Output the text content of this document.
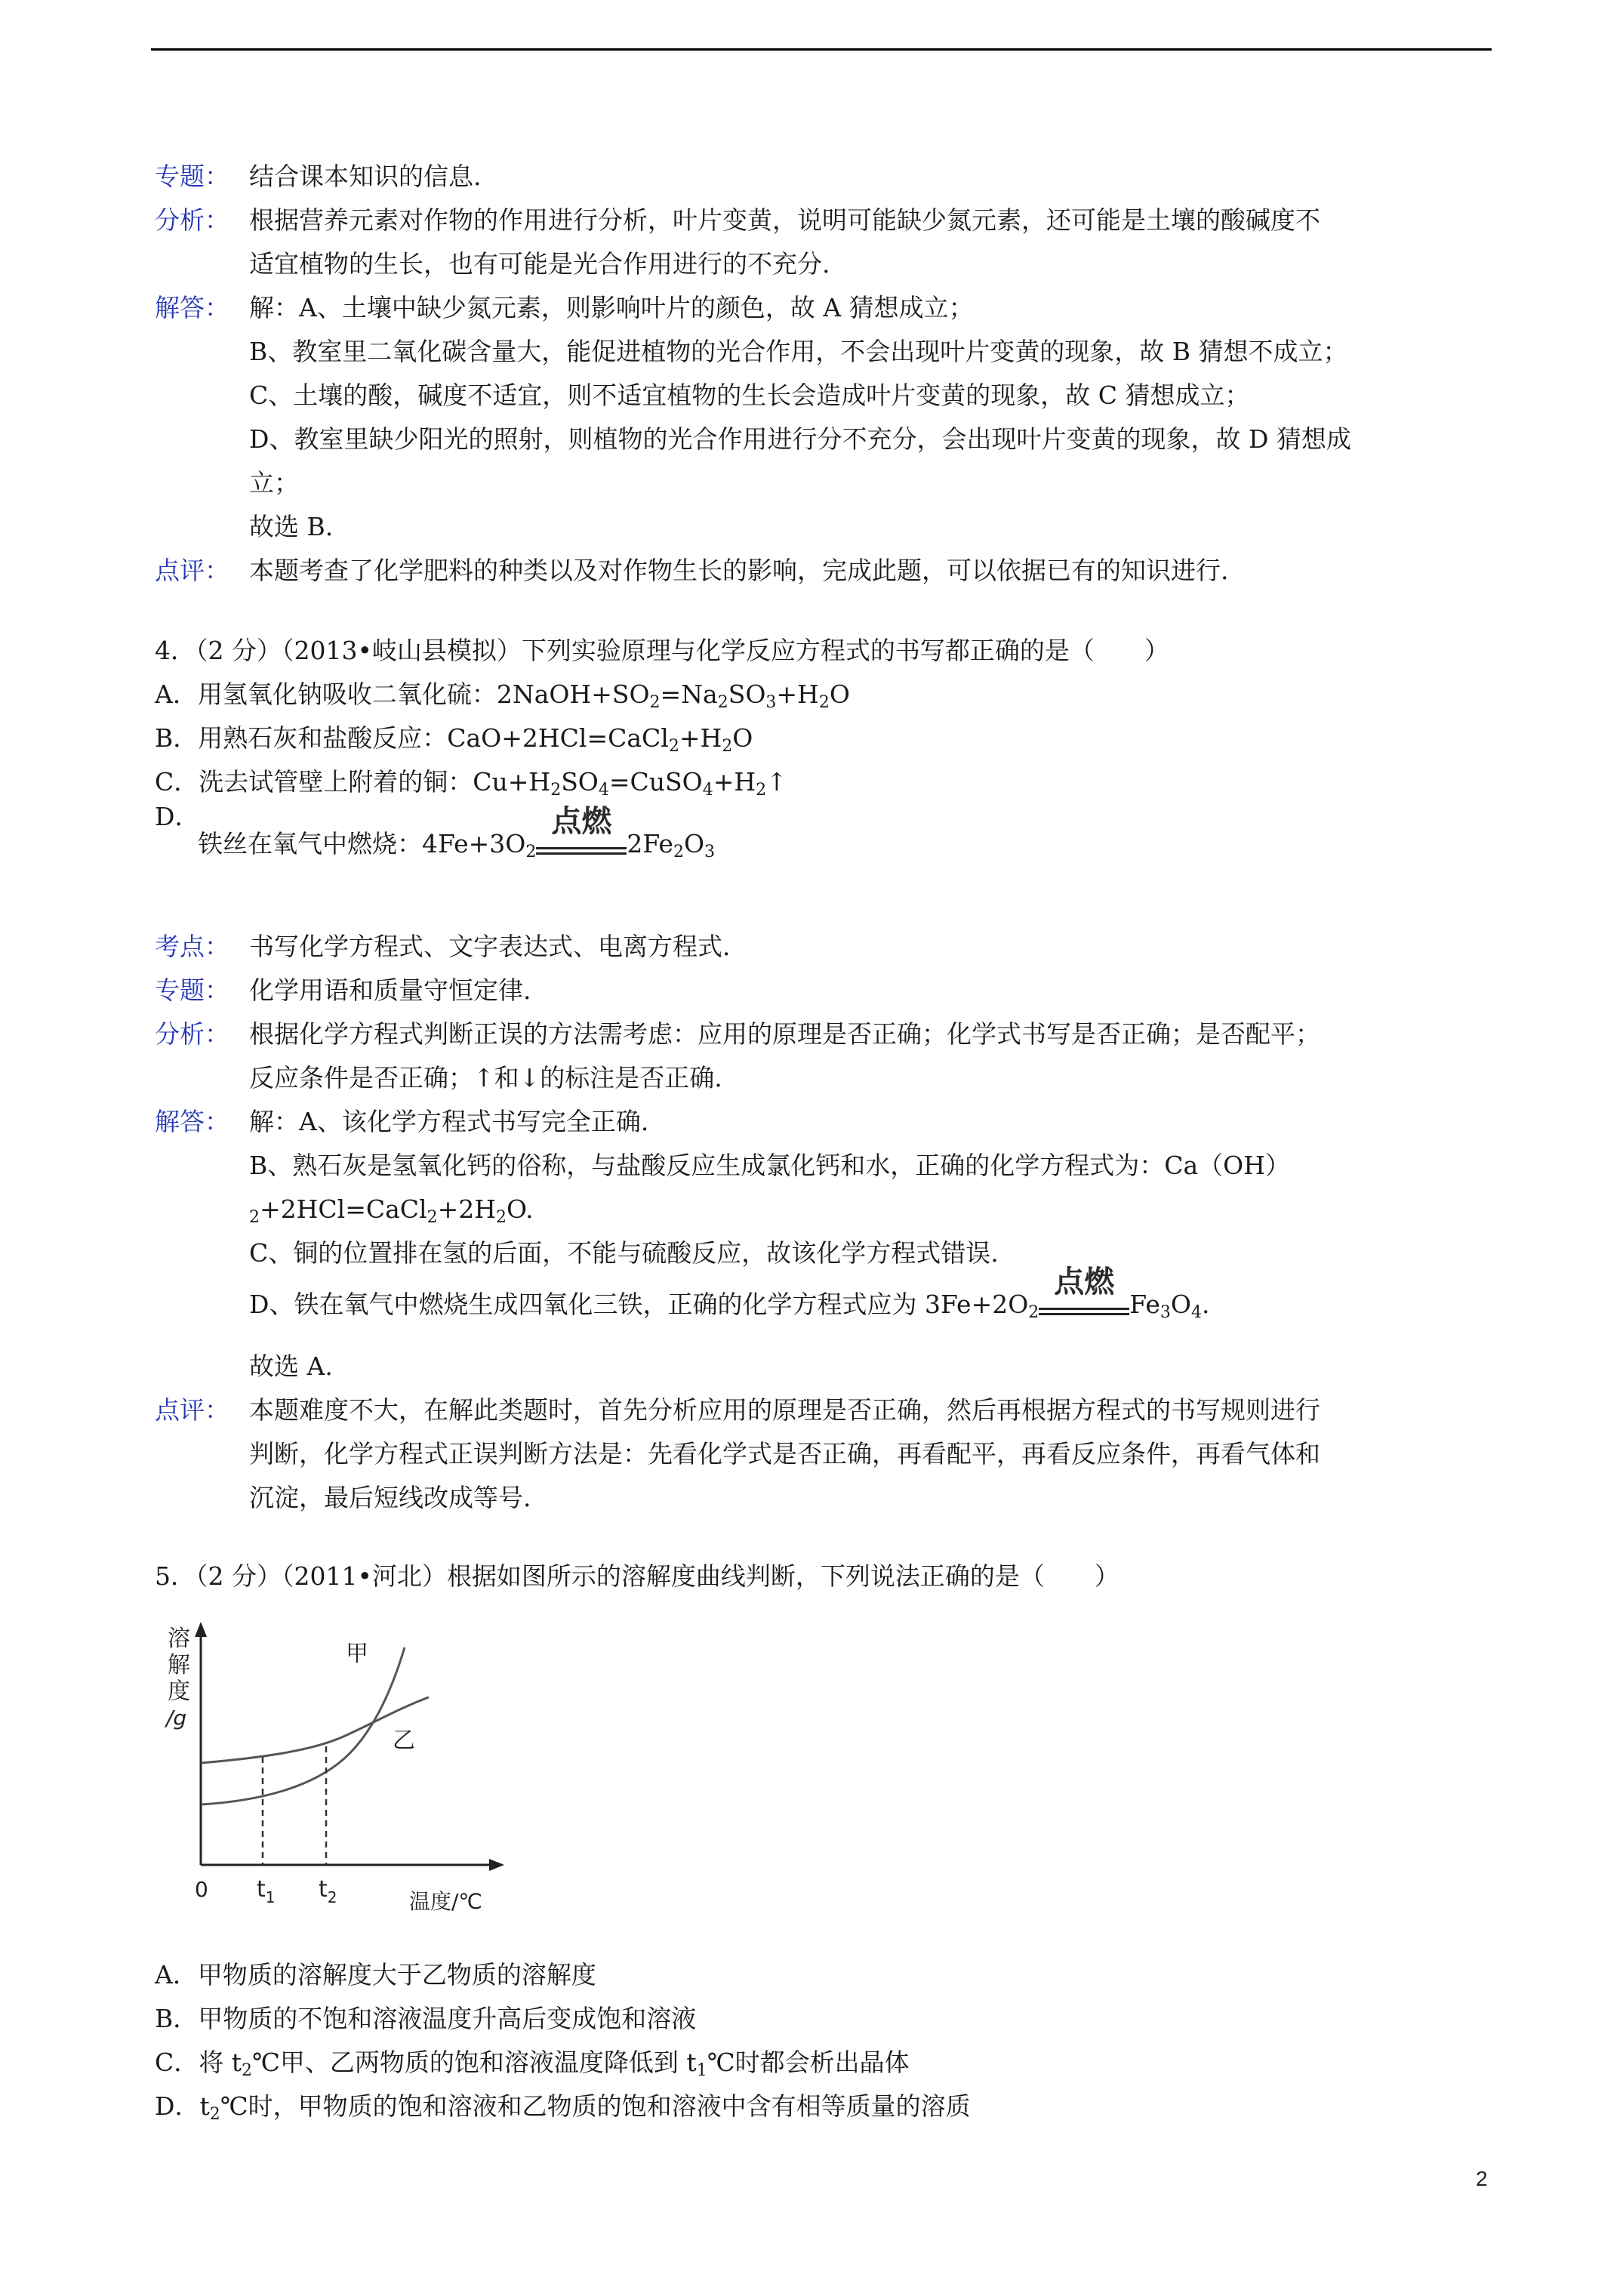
专题： 结合课本知识的信息.
分析： 根据营养元素对作物的作用进行分析，叶片变黄，说明可能缺少氮元素，还可能是土壤的酸碱度不
适宜植物的生长，也有可能是光合作用进行的不充分.
解答： 解：A、土壤中缺少氮元素，则影响叶片的颜色，故 A 猜想成立；
B、教室里二氧化碳含量大，能促进植物的光合作用，不会出现叶片变黄的现象，故 B 猜想不成立；
C、土壤的酸，碱度不适宜，则不适宜植物的生长会造成叶片变黄的现象，故 C 猜想成立；
D、教室里缺少阳光的照射，则植物的光合作用进行分不充分，会出现叶片变黄的现象，故 D 猜想成
立；
故选 B.
点评： 本题考查了化学肥料的种类以及对作物生长的影响，完成此题，可以依据已有的知识进行.
4．（2 分）（2013•岐山县模拟）下列实验原理与化学反应方程式的书写都正确的是（　　）
A．用氢氧化钠吸收二氧化硫：$2NaOH+SO_2=Na_2SO_3+H_2O$
B．用熟石灰和盐酸反应：$CaO+2HCl=CaCl_2+H_2O$
C．洗去试管壁上附着的铜：$Cu+H_2SO_4=CuSO_4+H_2↑$
D．
铁丝在氧气中燃烧：$4Fe+3O_2$
点燃
$2Fe_2O_3$
考点： 书写化学方程式、文字表达式、电离方程式.
专题： 化学用语和质量守恒定律.
分析： 根据化学方程式判断正误的方法需考虑：应用的原理是否正确；化学式书写是否正确；是否配平；
反应条件是否正确；↑和↓的标注是否正确.
解答： 解：A、该化学方程式书写完全正确.
B、熟石灰是氢氧化钙的俗称，与盐酸反应生成氯化钙和水，正确的化学方程式为：Ca（OH）
$_2+2HCl=CaCl_2+2H_2O$.
C、铜的位置排在氢的后面，不能与硫酸反应，故该化学方程式错误.
D、铁在氧气中燃烧生成四氧化三铁，正确的化学方程式应为 $3Fe+2O_2$
点燃
$Fe_3O_4$.
故选 A.
点评： 本题难度不大，在解此类题时，首先分析应用的原理是否正确，然后再根据方程式的书写规则进行
判断，化学方程式正误判断方法是：先看化学式是否正确，再看配平，再看反应条件，再看气体和
沉淀，最后短线改成等号.
5．（2 分）（2011•河北）根据如图所示的溶解度曲线判断，下列说法正确的是（　　）
溶
解
度
/g
甲
乙
0 $t_1$ $t_2$	温度/℃
A．甲物质的溶解度大于乙物质的溶解度
B．甲物质的不饱和溶液温度升高后变成饱和溶液
C．将 $t_2℃$甲、乙两物质的饱和溶液温度降低到 $t_1℃$时都会析出晶体
D．$t_2℃$时，甲物质的饱和溶液和乙物质的饱和溶液中含有相等质量的溶质
2
